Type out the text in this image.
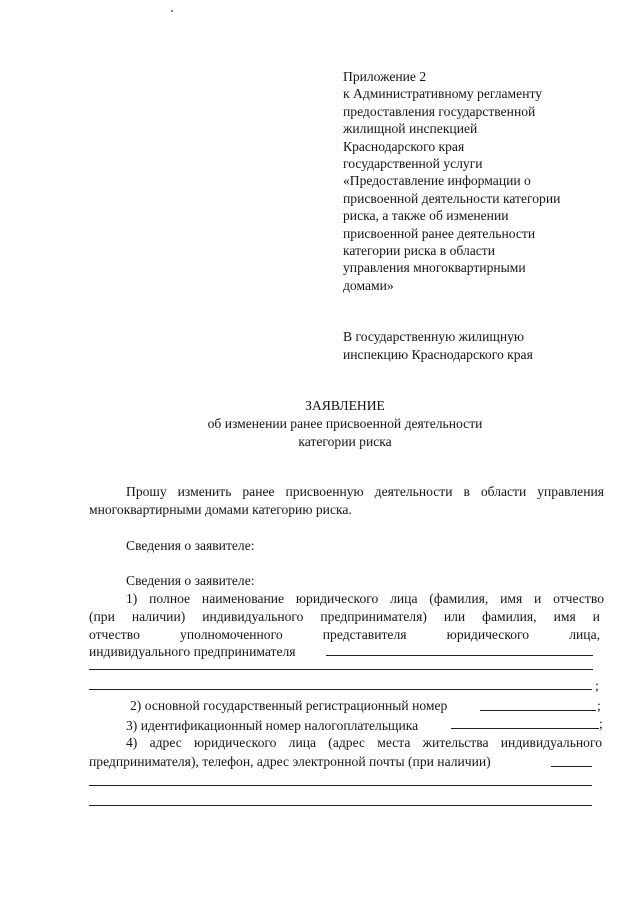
Приложение 2
к Административному регламенту
предоставления государственной
жилищной инспекцией
Краснодарского края
государственной услуги
«Предоставление информации о
присвоенной деятельности категории
риска, а также об изменении
присвоенной ранее деятельности
категории риска в области
управления многоквартирными
домами»
В государственную жилищную
инспекцию Краснодарского края
ЗАЯВЛЕНИЕ
об изменении ранее присвоенной деятельности
категории риска
Прошу изменить ранее присвоенную деятельности в области управления
многоквартирными домами категорию риска.
Сведения о заявителе:
Сведения о заявителе:
1) полное наименование юридического лица (фамилия, имя и отчество
(при наличии) индивидуального предпринимателя) или фамилия, имя и
отчество	уполномоченного	представителя	юридического	лица,
индивидуального предпринимателя
;
2) основной государственный регистрационный номер	;
3) идентификационный номер налогоплательщика	;
4) адрес юридического лица (адрес места жительства индивидуального
предпринимателя), телефон, адрес электронной почты (при наличии)
